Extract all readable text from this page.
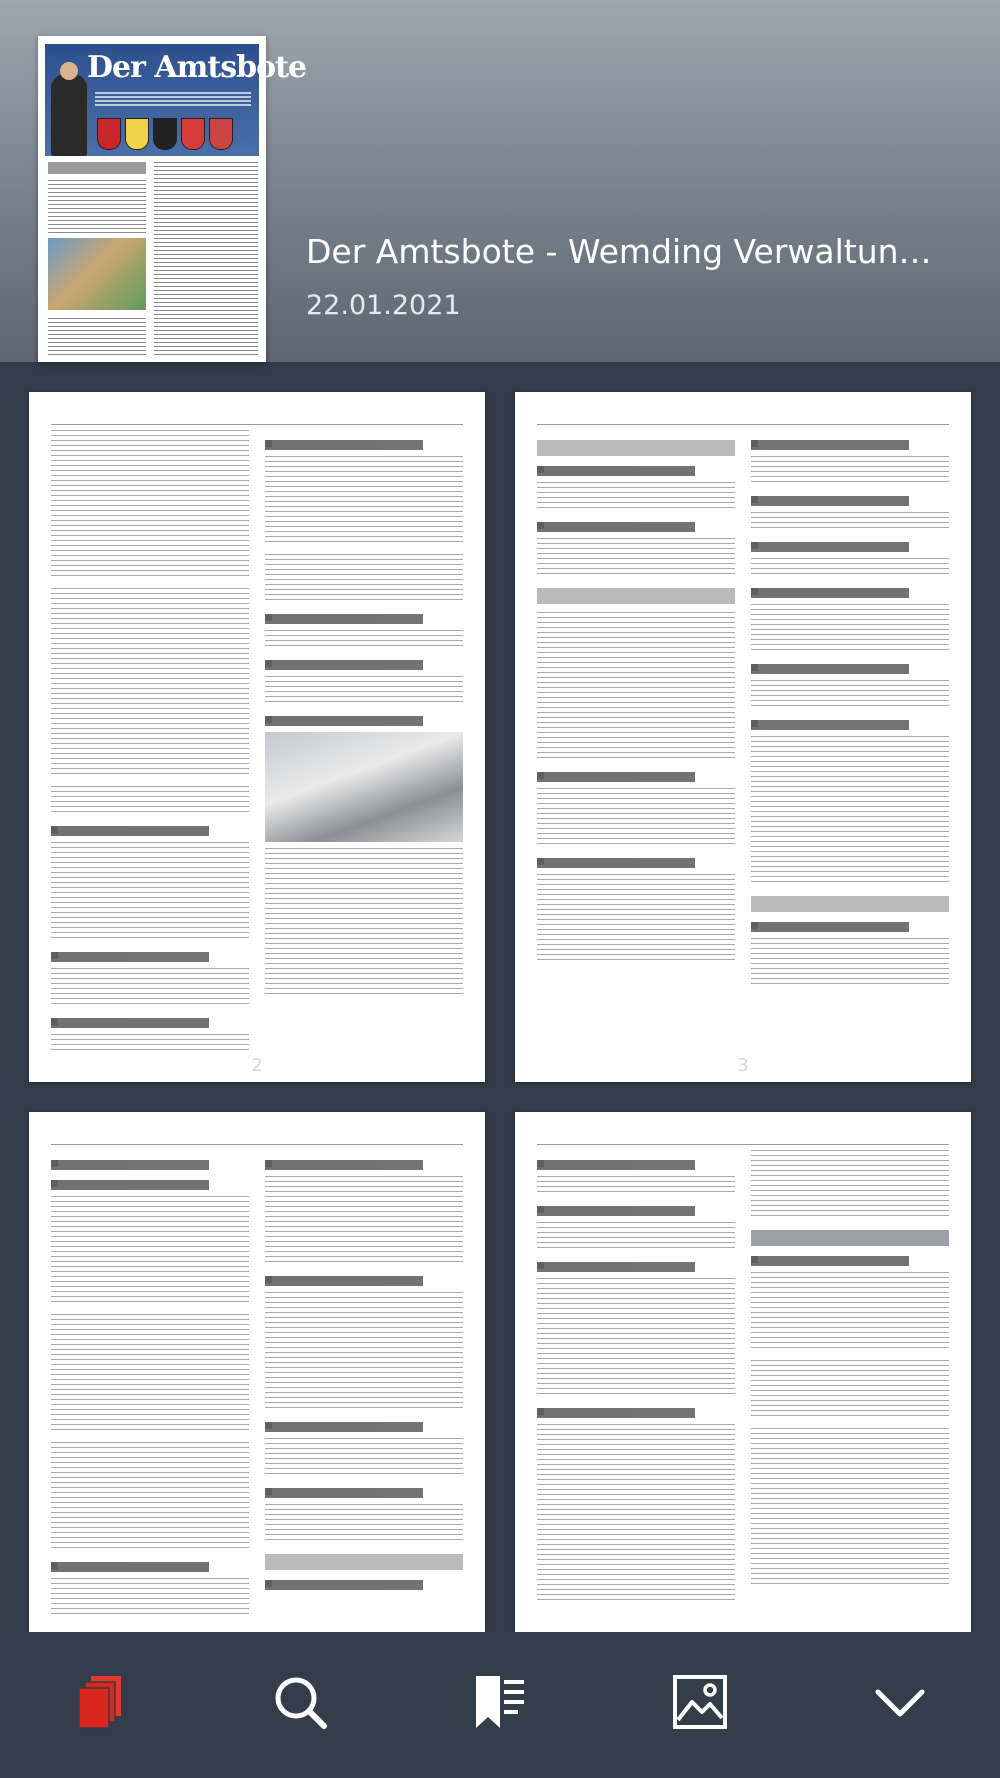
Der Amtsbote
Der Amtsbote - Wemding Verwaltun…
22.01.2021
2	3
